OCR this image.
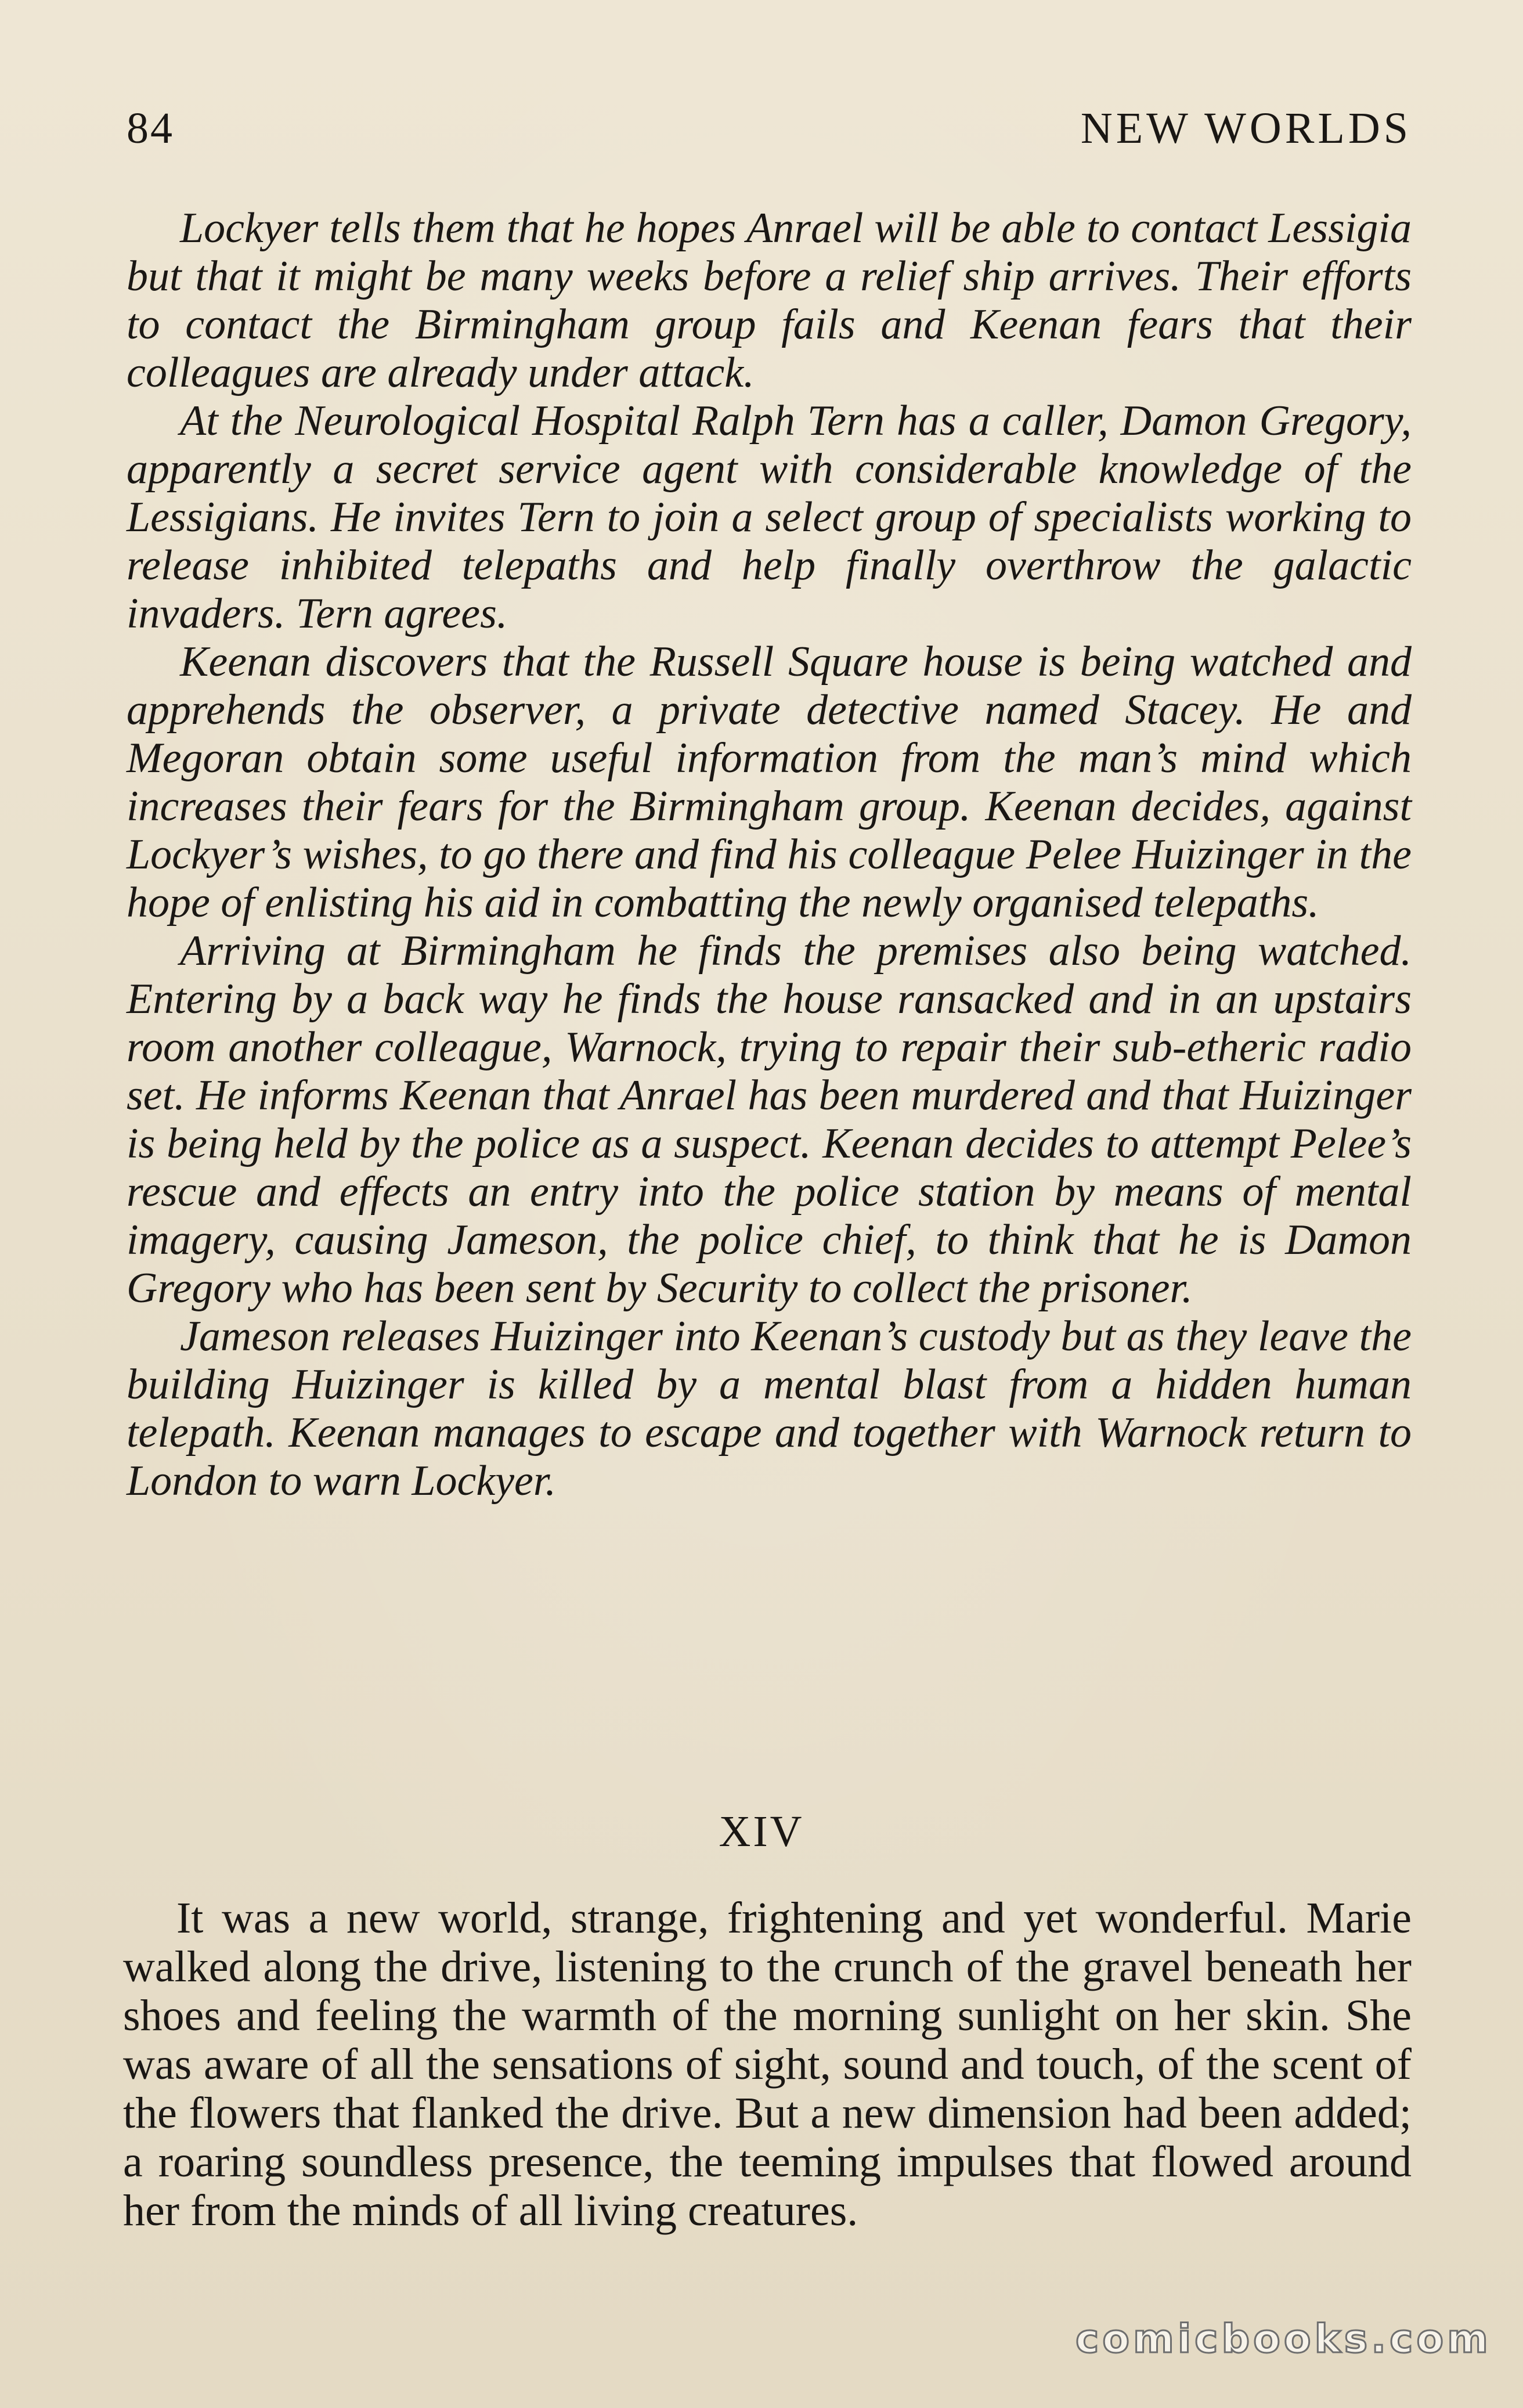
84	NEW WORLDS

Lockyer tells them that he hopes Anrael will be able to contact Lessigia but that it might be many weeks before a relief ship arrives. Their efforts to contact the Birmingham group fails and Keenan fears that their colleagues are already under attack.

At the Neurological Hospital Ralph Tern has a caller, Damon Gregory, apparently a secret service agent with considerable knowledge of the Lessigians. He invites Tern to join a select group of specialists working to release inhibited telepaths and help finally overthrow the galactic invaders. Tern agrees.

Keenan discovers that the Russell Square house is being watched and apprehends the observer, a private detective named Stacey. He and Megoran obtain some useful information from the man’s mind which increases their fears for the Birmingham group. Keenan decides, against Lockyer’s wishes, to go there and find his colleague Pelee Huizinger in the hope of enlisting his aid in combatting the newly organised telepaths.

Arriving at Birmingham he finds the premises also being watched. Entering by a back way he finds the house ransacked and in an upstairs room another colleague, Warnock, trying to repair their sub-etheric radio set. He informs Keenan that Anrael has been murdered and that Huizinger is being held by the police as a suspect. Keenan decides to attempt Pelee’s rescue and effects an entry into the police station by means of mental imagery, causing Jameson, the police chief, to think that he is Damon Gregory who has been sent by Security to collect the prisoner.

Jameson releases Huizinger into Keenan’s custody but as they leave the building Huizinger is killed by a mental blast from a hidden human telepath. Keenan manages to escape and together with Warnock return to London to warn Lockyer.

XIV

It was a new world, strange, frightening and yet wonderful. Marie walked along the drive, listening to the crunch of the gravel beneath her shoes and feeling the warmth of the morning sunlight on her skin. She was aware of all the sensations of sight, sound and touch, of the scent of the flowers that flanked the drive. But a new dimension had been added; a roaring soundless presence, the teeming impulses that flowed around her from the minds of all living creatures.

comicbooks.com
